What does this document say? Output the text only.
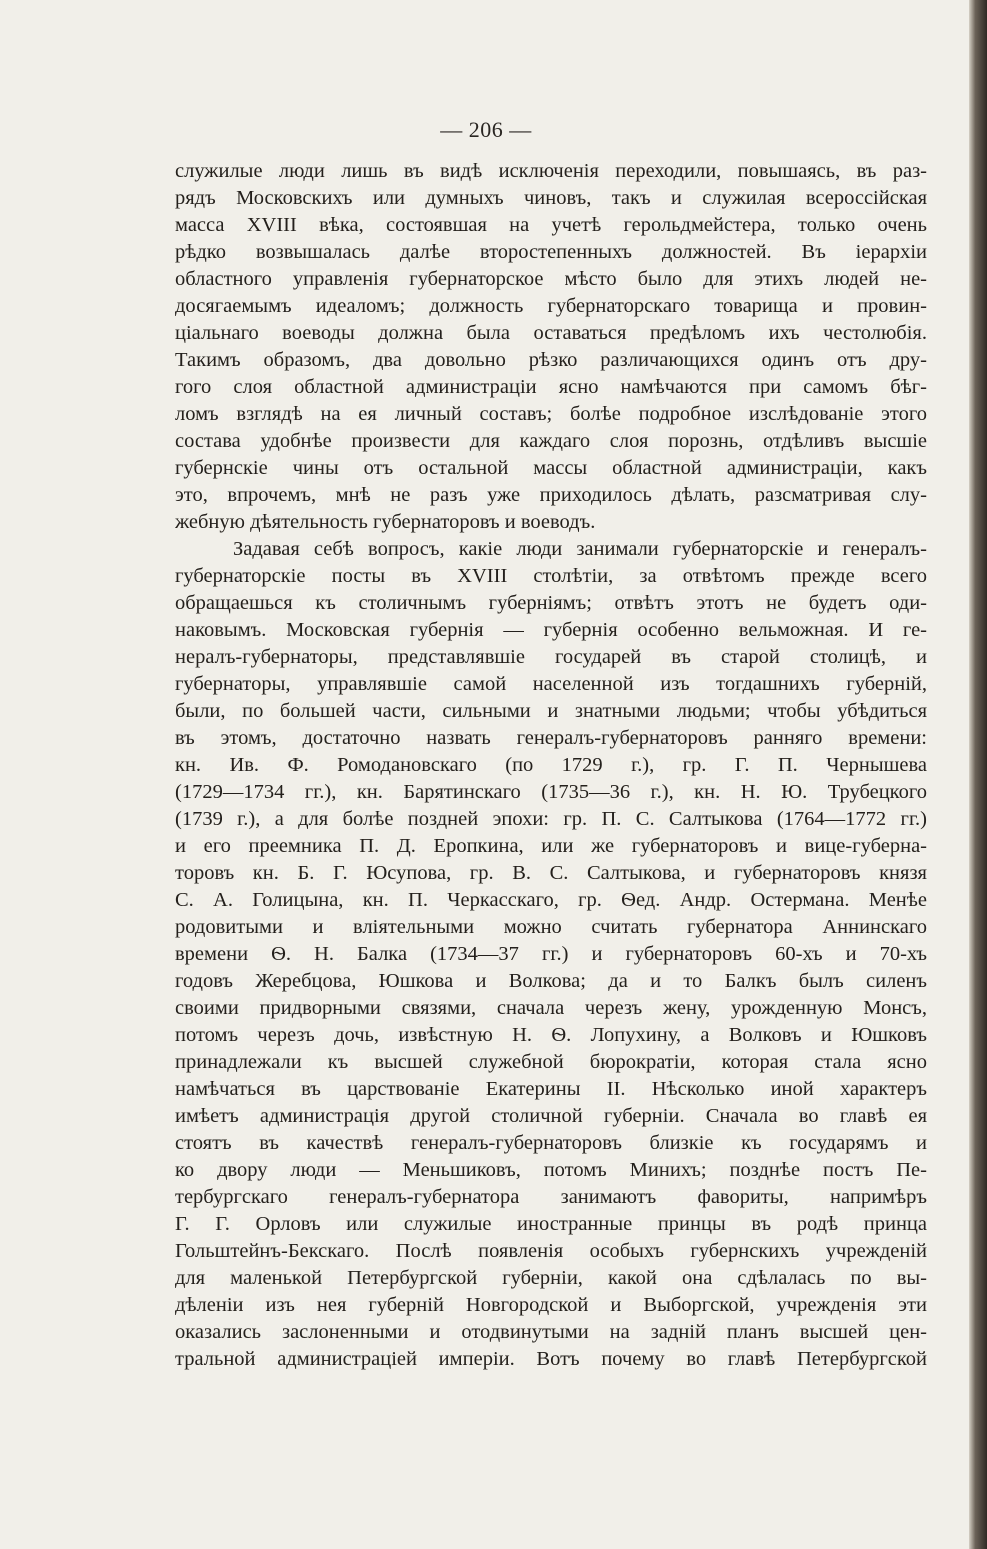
— 206 —
служилые люди лишь въ видѣ исключенія переходили, повышаясь, въ раз-
рядъ Московскихъ или думныхъ чиновъ, такъ и служилая всероссійская
масса XVIII вѣка, состоявшая на учетѣ герольдмейстера, только очень
рѣдко возвышалась далѣе второстепенныхъ должностей. Въ іерархіи
областного управленія губернаторское мѣсто было для этихъ людей не-
досягаемымъ идеаломъ; должность губернаторскаго товарища и провин-
ціальнаго воеводы должна была оставаться предѣломъ ихъ честолюбія.
Такимъ образомъ, два довольно рѣзко различающихся одинъ отъ дру-
гого слоя областной администраціи ясно намѣчаются при самомъ бѣг-
ломъ взглядѣ на ея личный составъ; болѣе подробное изслѣдованіе этого
состава удобнѣе произвести для каждаго слоя порознь, отдѣливъ высшіе
губернскіе чины отъ остальной массы областной администраціи, какъ
это, впрочемъ, мнѣ не разъ уже приходилось дѣлать, разсматривая слу-
жебную дѣятельность губернаторовъ и воеводъ.
Задавая себѣ вопросъ, какіе люди занимали губернаторскіе и генералъ-
губернаторскіе посты въ XVIII столѣтіи, за отвѣтомъ прежде всего
обращаешься къ столичнымъ губерніямъ; отвѣтъ этотъ не будетъ оди-
наковымъ. Московская губернія — губернія особенно вельможная. И ге-
нералъ-губернаторы, представлявшіе государей въ старой столицѣ, и
губернаторы, управлявшіе самой населенной изъ тогдашнихъ губерній,
были, по большей части, сильными и знатными людьми; чтобы убѣдиться
въ этомъ, достаточно назвать генералъ-губернаторовъ ранняго времени:
кн. Ив. Ф. Ромодановскаго (по 1729 г.), гр. Г. П. Чернышева
(1729—1734 гг.), кн. Барятинскаго (1735—36 г.), кн. Н. Ю. Трубецкого
(1739 г.), а для болѣе поздней эпохи: гр. П. С. Салтыкова (1764—1772 гг.)
и его преемника П. Д. Еропкина, или же губернаторовъ и вице-губерна-
торовъ кн. Б. Г. Юсупова, гр. В. С. Салтыкова, и губернаторовъ князя
С. А. Голицына, кн. П. Черкасскаго, гр. Ѳед. Андр. Остермана. Менѣе
родовитыми и вліятельными можно считать губернатора Аннинскаго
времени Ѳ. Н. Балка (1734—37 гг.) и губернаторовъ 60-хъ и 70-хъ
годовъ Жеребцова, Юшкова и Волкова; да и то Балкъ былъ силенъ
своими придворными связями, сначала черезъ жену, урожденную Монсъ,
потомъ черезъ дочь, извѣстную Н. Ѳ. Лопухину, а Волковъ и Юшковъ
принадлежали къ высшей служебной бюрократіи, которая стала ясно
намѣчаться въ царствованіе Екатерины II. Нѣсколько иной характеръ
имѣетъ администрація другой столичной губерніи. Сначала во главѣ ея
стоятъ въ качествѣ генералъ-губернаторовъ близкіе къ государямъ и
ко двору люди — Меньшиковъ, потомъ Минихъ; позднѣе постъ Пе-
тербургскаго генералъ-губернатора занимаютъ фавориты, напримѣръ
Г. Г. Орловъ или служилые иностранные принцы въ родѣ принца
Гольштейнъ-Бекскаго. Послѣ появленія особыхъ губернскихъ учрежденій
для маленькой Петербургской губерніи, какой она сдѣлалась по вы-
дѣленіи изъ нея губерній Новгородской и Выборгской, учрежденія эти
оказались заслоненными и отодвинутыми на задній планъ высшей цен-
тральной администраціей имперіи. Вотъ почему во главѣ Петербургской
